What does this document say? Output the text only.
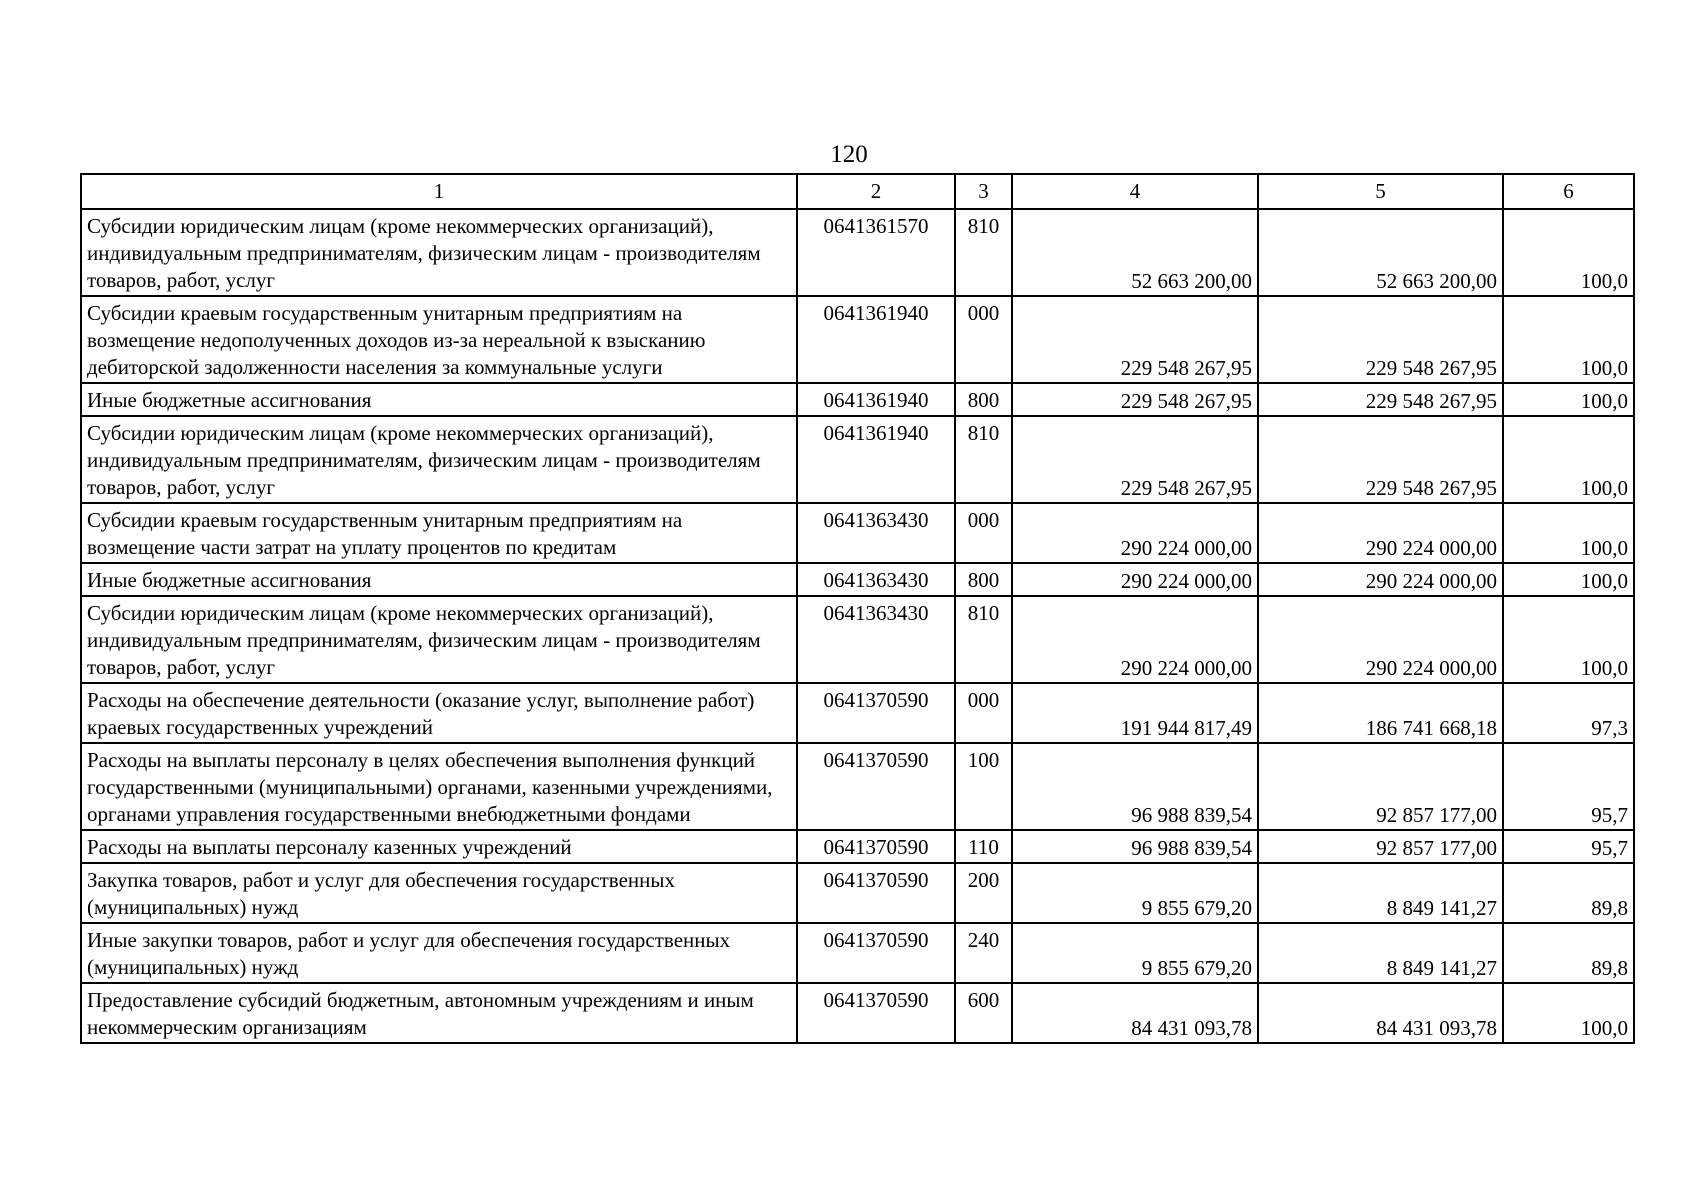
120
1	2	3	4	5	6
Субсидии юридическим лицам (кроме некоммерческих организаций), индивидуальным предпринимателям, физическим лицам - производителям товаров, работ, услуг	0641361570	810	52 663 200,00	52 663 200,00	100,0
Субсидии краевым государственным унитарным предприятиям на возмещение недополученных доходов из-за нереальной к взысканию дебиторской задолженности населения за коммунальные услуги	0641361940	000	229 548 267,95	229 548 267,95	100,0
Иные бюджетные ассигнования	0641361940	800	229 548 267,95	229 548 267,95	100,0
Субсидии юридическим лицам (кроме некоммерческих организаций), индивидуальным предпринимателям, физическим лицам - производителям товаров, работ, услуг	0641361940	810	229 548 267,95	229 548 267,95	100,0
Субсидии краевым государственным унитарным предприятиям на возмещение части затрат на уплату процентов по кредитам	0641363430	000	290 224 000,00	290 224 000,00	100,0
Иные бюджетные ассигнования	0641363430	800	290 224 000,00	290 224 000,00	100,0
Субсидии юридическим лицам (кроме некоммерческих организаций), индивидуальным предпринимателям, физическим лицам - производителям товаров, работ, услуг	0641363430	810	290 224 000,00	290 224 000,00	100,0
Расходы на обеспечение деятельности (оказание услуг, выполнение работ) краевых государственных учреждений	0641370590	000	191 944 817,49	186 741 668,18	97,3
Расходы на выплаты персоналу в целях обеспечения выполнения функций государственными (муниципальными) органами, казенными учреждениями, органами управления государственными внебюджетными фондами	0641370590	100	96 988 839,54	92 857 177,00	95,7
Расходы на выплаты персоналу казенных учреждений	0641370590	110	96 988 839,54	92 857 177,00	95,7
Закупка товаров, работ и услуг для обеспечения государственных (муниципальных) нужд	0641370590	200	9 855 679,20	8 849 141,27	89,8
Иные закупки товаров, работ и услуг для обеспечения государственных (муниципальных) нужд	0641370590	240	9 855 679,20	8 849 141,27	89,8
Предоставление субсидий бюджетным, автономным учреждениям и иным некоммерческим организациям	0641370590	600	84 431 093,78	84 431 093,78	100,0
